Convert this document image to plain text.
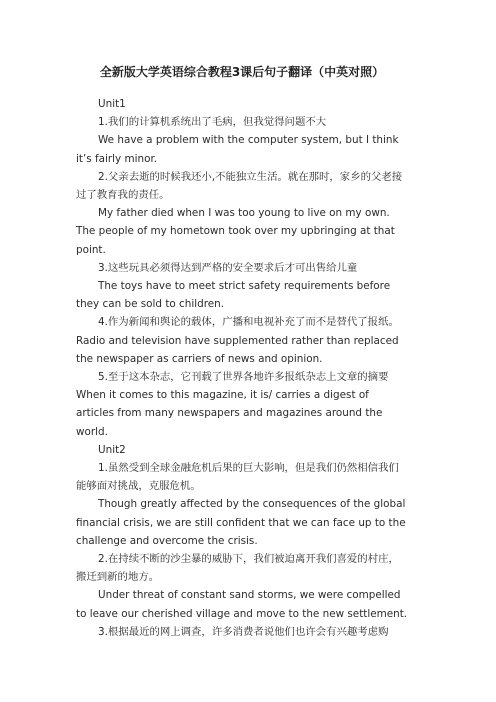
全新版大学英语综合教程3课后句子翻译（中英对照）

Unit1

1.我们的计算机系统出了毛病，但我觉得问题不大

We have a problem with the computer system, but I think it’s fairly minor.

2.父亲去逝的时候我还小,不能独立生活。就在那时，家乡的父老接过了教育我的责任。

My father died when I was too young to live on my own. The people of my hometown took over my upbringing at that point.

3.这些玩具必须得达到严格的安全要求后才可出售给儿童

The toys have to meet strict safety requirements before they can be sold to children.

4.作为新闻和舆论的载体，广播和电视补充了而不是替代了报纸。Radio and television have supplemented rather than replaced the newspaper as carriers of news and opinion.

5.至于这本杂志，它刊载了世界各地许多报纸杂志上文章的摘要When it comes to this magazine, it is/ carries a digest of articles from many newspapers and magazines around the world.

Unit2

1.虽然受到全球金融危机后果的巨大影响，但是我们仍然相信我们能够面对挑战，克服危机。

Though greatly affected by the consequences of the global financial crisis, we are still confident that we can face up to the challenge and overcome the crisis.

2.在持续不断的沙尘暴的威胁下，我们被迫离开我们喜爱的村庄，搬迁到新的地方。

Under threat of constant sand storms, we were compelled to leave our cherished village and move to the new settlement.

3.根据最近的网上调查，许多消费者说他们也许会有兴趣考虑购
